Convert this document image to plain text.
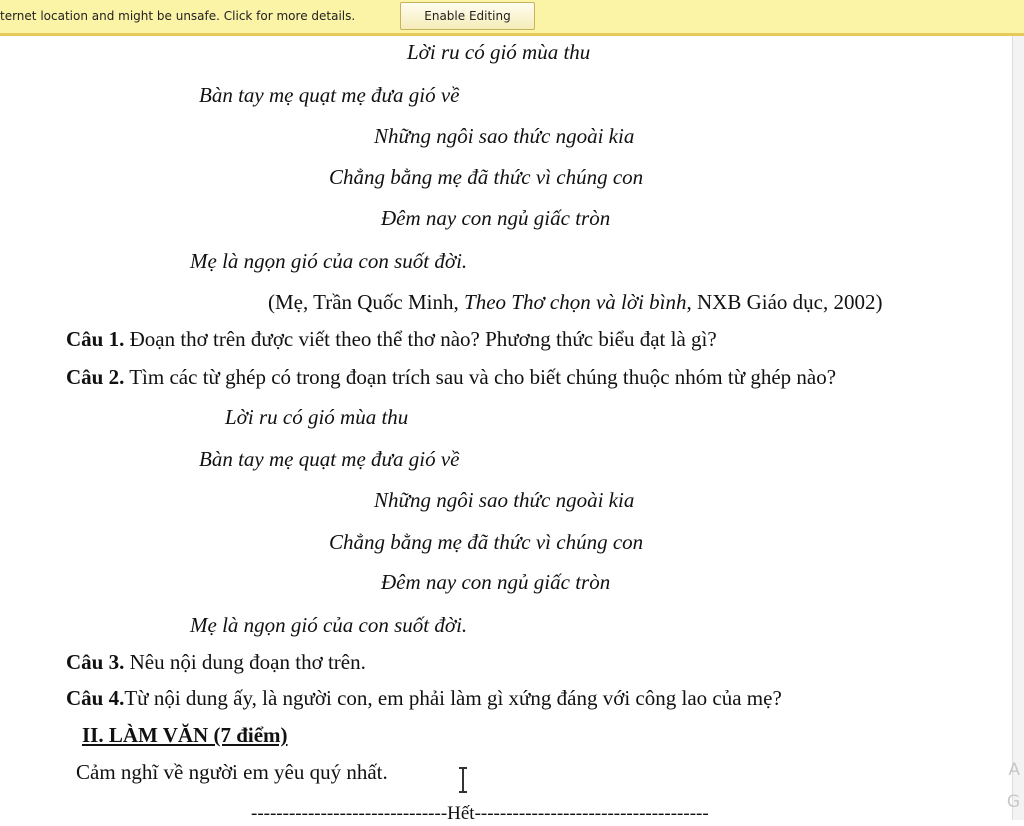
ternet location and might be unsafe. Click for more details.	Enable Editing
Lời ru có gió mùa thu
Bàn tay mẹ quạt mẹ đưa gió về
Những ngôi sao thức ngoài kia
Chẳng bằng mẹ đã thức vì chúng con
Đêm nay con ngủ giấc tròn
Mẹ là ngọn gió của con suốt đời.
(Mẹ, Trần Quốc Minh, Theo Thơ chọn và lời bình, NXB Giáo dục, 2002)
Câu 1. Đoạn thơ trên được viết theo thể thơ nào? Phương thức biểu đạt là gì?
Câu 2. Tìm các từ ghép có trong đoạn trích sau và cho biết chúng thuộc nhóm từ ghép nào?
Lời ru có gió mùa thu
Bàn tay mẹ quạt mẹ đưa gió về
Những ngôi sao thức ngoài kia
Chẳng bằng mẹ đã thức vì chúng con
Đêm nay con ngủ giấc tròn
Mẹ là ngọn gió của con suốt đời.
Câu 3. Nêu nội dung đoạn thơ trên.
Câu 4.Từ nội dung ấy, là người con, em phải làm gì xứng đáng với công lao của mẹ?
II. LÀM VĂN (7 điểm)
Cảm nghĩ về người em yêu quý nhất.
-------------------------------Hết-------------------------------------
A
G
